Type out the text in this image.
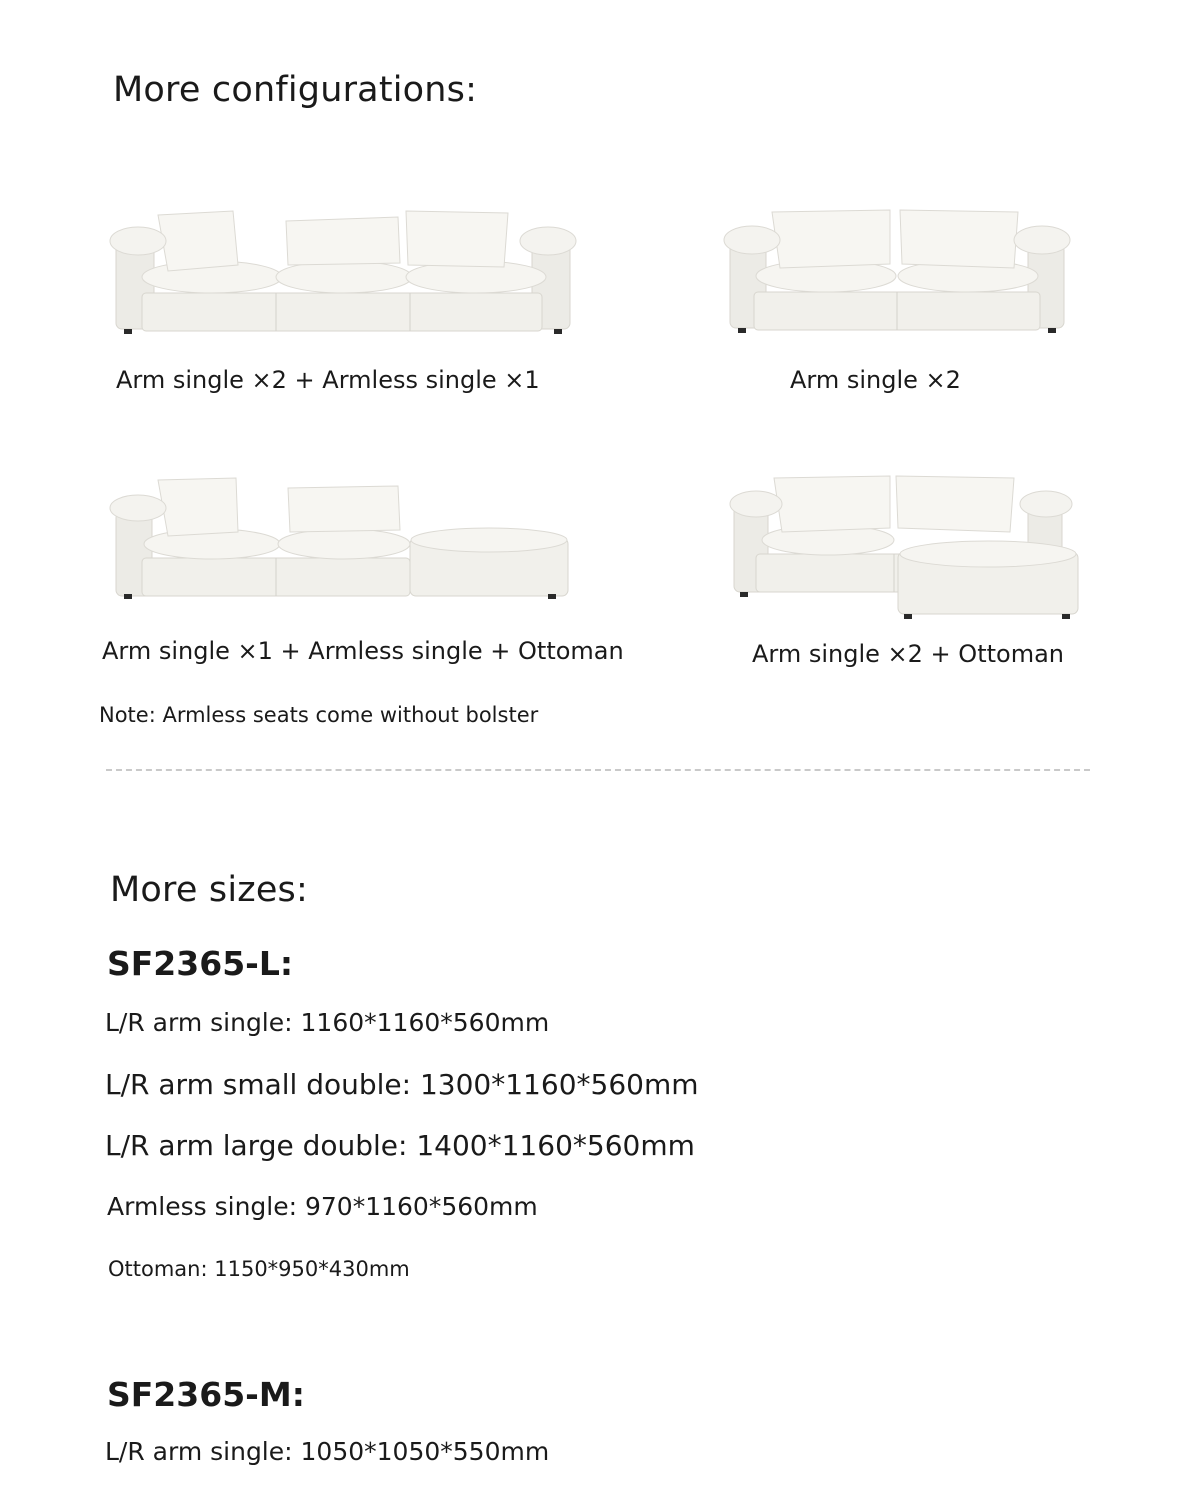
More configurations:
Arm single ×2 + Armless single ×1	Arm single ×2
Arm single ×1 + Armless single + Ottoman	Arm single ×2 + Ottoman
Note: Armless seats come without bolster
More sizes:
SF2365-L:
L/R arm single: 1160*1160*560mm
L/R arm small double: 1300*1160*560mm
L/R arm large double: 1400*1160*560mm
Armless single: 970*1160*560mm
Ottoman: 1150*950*430mm
SF2365-M:
L/R arm single: 1050*1050*550mm
